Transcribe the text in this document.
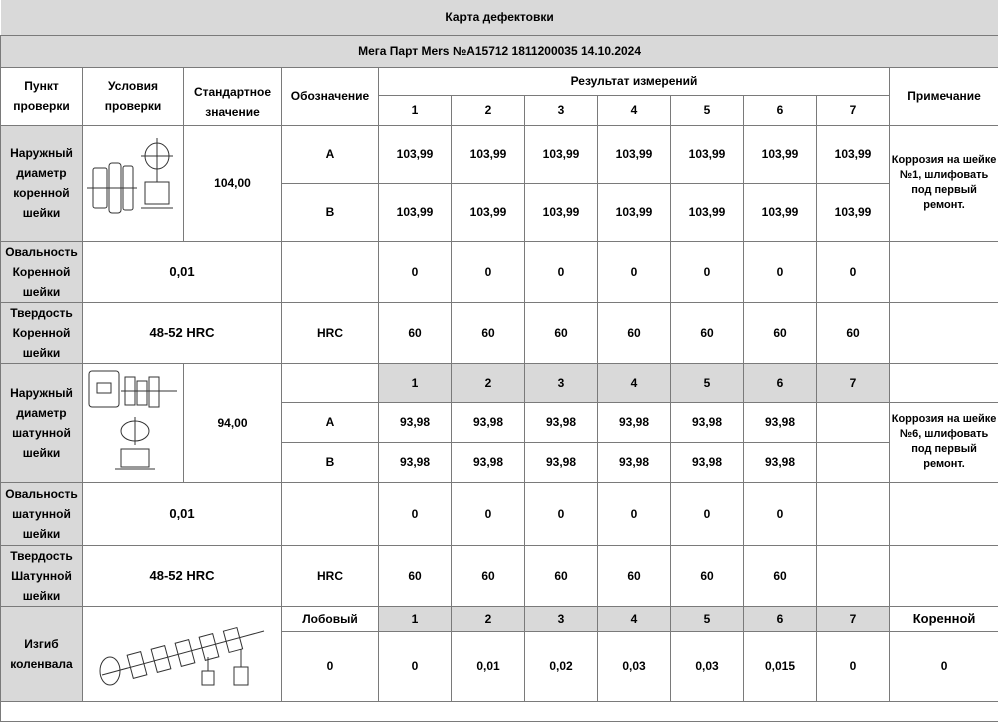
Карта дефектовки											
Мега Парт Mers №A15712 1811200035 14.10.2024											
Пункт проверки	Условия проверки	Стандартное значение	Обозначение	Результат измерений							Примечание
				1	2	3	4	5	6	7	
Наружный диаметр коренной шейки		104,00	A	103,99	103,99	103,99	103,99	103,99	103,99	103,99	Коррозия на шейке №1, шлифовать под первый ремонт.
			B	103,99	103,99	103,99	103,99	103,99	103,99	103,99	
Овальность Коренной шейки	0,01			0	0	0	0	0	0	0	
Твердость Коренной шейки	48-52 HRC		HRC	60	60	60	60	60	60	60	
Наружный диаметр шатунной шейки		94,00		1	2	3	4	5	6	7	
			A	93,98	93,98	93,98	93,98	93,98	93,98		Коррозия на шейке №6, шлифовать под первый ремонт.
			B	93,98	93,98	93,98	93,98	93,98	93,98		
Овальность шатунной шейки	0,01			0	0	0	0	0	0		
Твердость Шатунной шейки	48-52 HRC		HRC	60	60	60	60	60	60		
Изгиб коленвала			Лобовый	1	2	3	4	5	6	7	Коренной
			0	0	0,01	0,02	0,03	0,03	0,015	0	0
